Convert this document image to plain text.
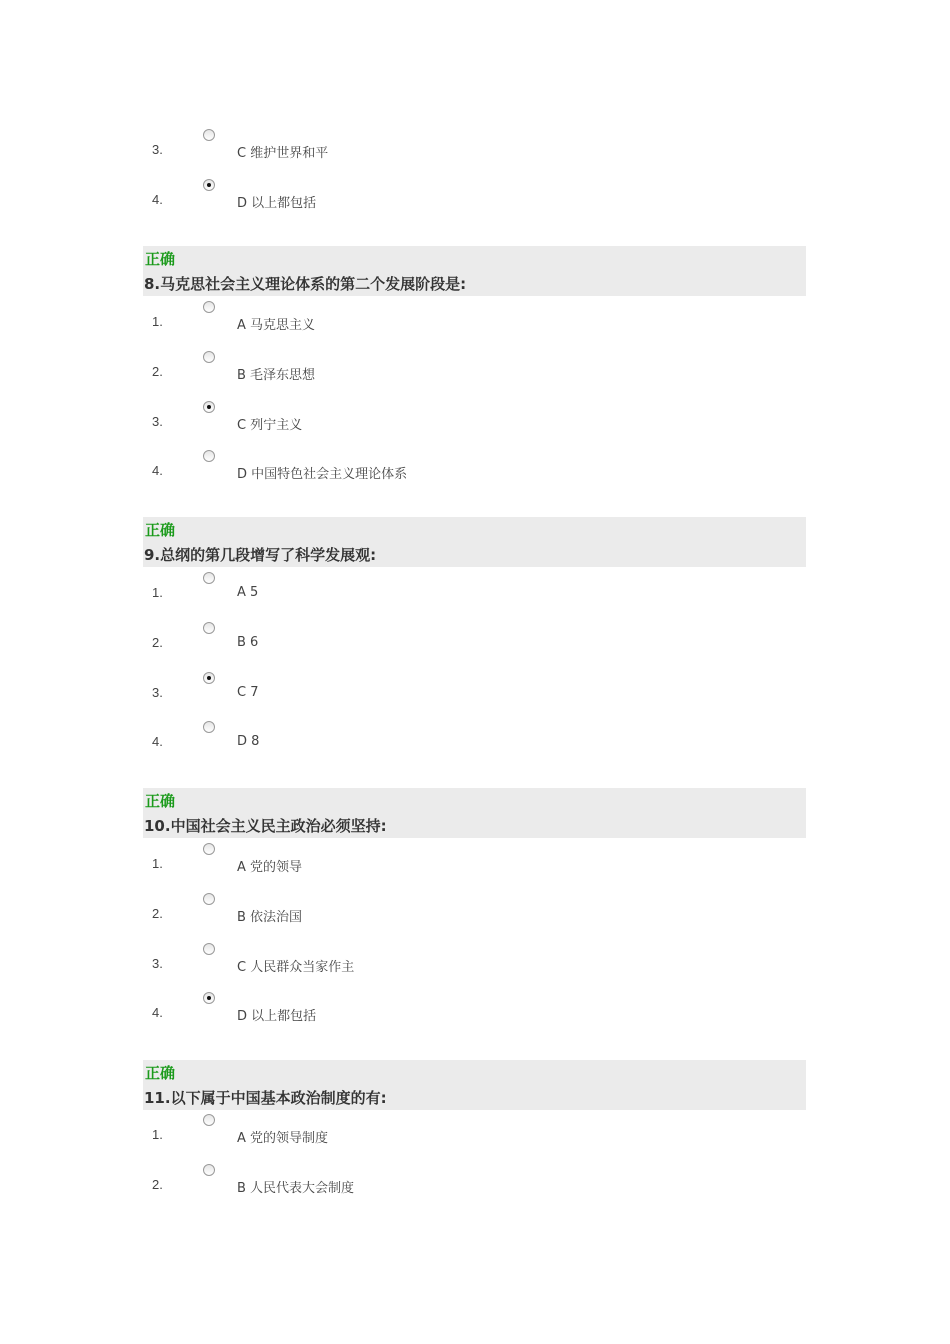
3.	C 维护世界和平
4.	D 以上都包括
正确
8.马克思社会主义理论体系的第二个发展阶段是:
1.	A 马克思主义
2.	B 毛泽东思想
3.	C 列宁主义
4.	D 中国特色社会主义理论体系
正确
9.总纲的第几段增写了科学发展观:
1.	A 5
2.	B 6
3.	C 7
4.	D 8
正确
10.中国社会主义民主政治必须坚持:
1.	A 党的领导
2.	B 依法治国
3.	C 人民群众当家作主
4.	D 以上都包括
正确
11.以下属于中国基本政治制度的有:
1.	A 党的领导制度
2.	B 人民代表大会制度
